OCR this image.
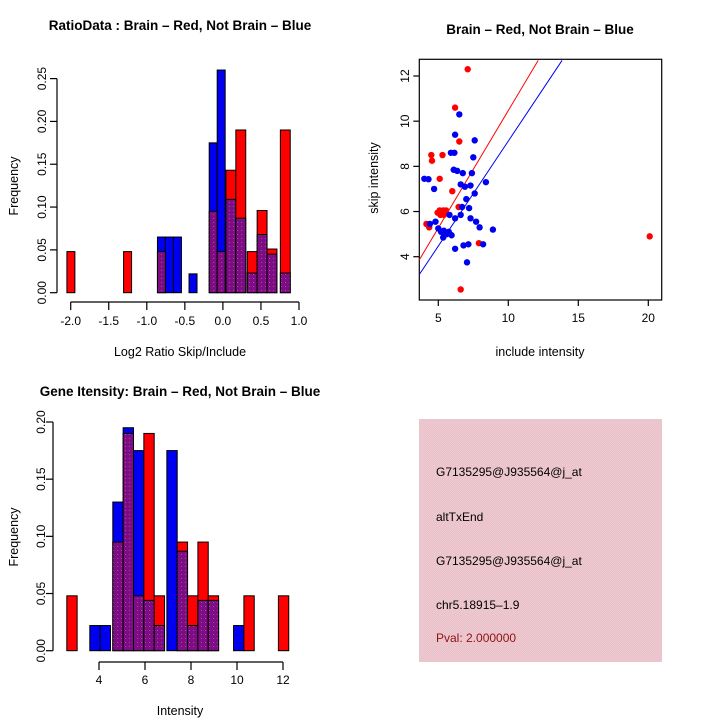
0.00
0.05
0.10
0.15
0.20
0.25
-2.0 -1.5 -1.0 -0.5 0.0 0.5 1.0
RatioData : Brain – Red, Not Brain – Blue
Log2 Ratio Skip/Include
Frequency
5	10	15	20
4
6
8
10
12
Brain – Red, Not Brain – Blue
include intensity
skip intensity
0.00
0.05
0.10
0.15
0.20
4	6	8	10	12
Gene Itensity: Brain – Red, Not Brain – Blue
Intensity
Frequency
G7135295@J935564@j_at
altTxEnd
G7135295@J935564@j_at
chr5.18915–1.9
Pval: 2.000000
